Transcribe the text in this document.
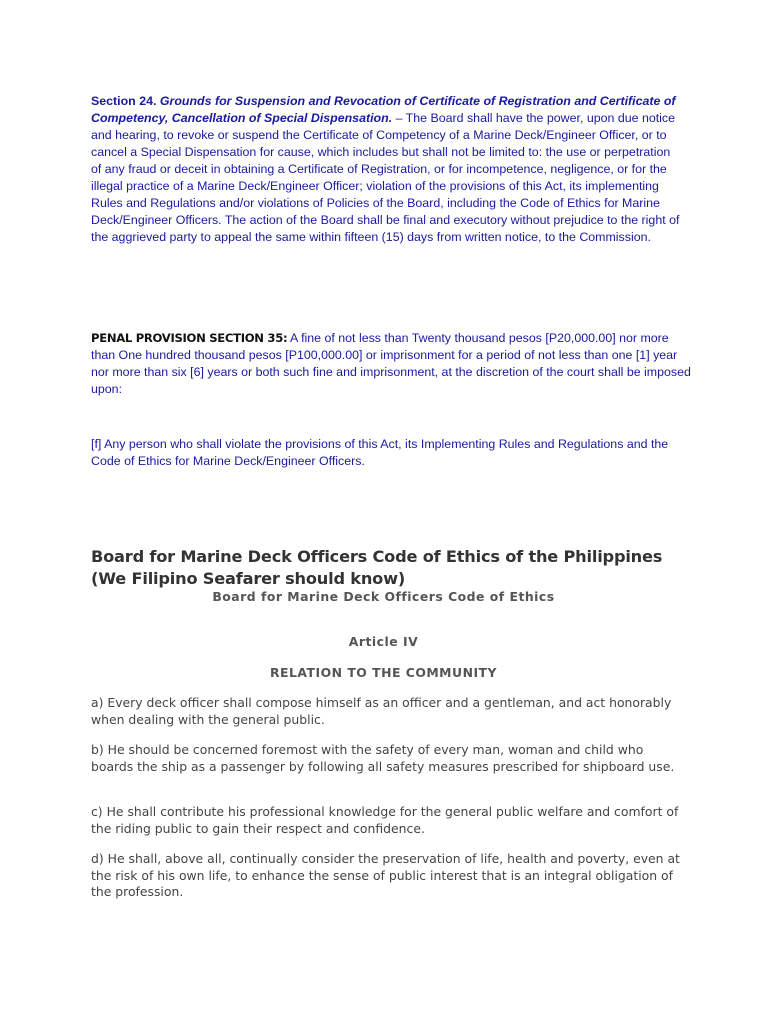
Section 24. Grounds for Suspension and Revocation of Certificate of Registration and Certificate of Competency, Cancellation of Special Dispensation. – The Board shall have the power, upon due notice and hearing, to revoke or suspend the Certificate of Competency of a Marine Deck/Engineer Officer, or to cancel a Special Dispensation for cause, which includes but shall not be limited to: the use or perpetration of any fraud or deceit in obtaining a Certificate of Registration, or for incompetence, negligence, or for the illegal practice of a Marine Deck/Engineer Officer; violation of the provisions of this Act, its implementing Rules and Regulations and/or violations of Policies of the Board, including the Code of Ethics for Marine Deck/Engineer Officers. The action of the Board shall be final and executory without prejudice to the right of the aggrieved party to appeal the same within fifteen (15) days from written notice, to the Commission.
PENAL PROVISION SECTION 35: A fine of not less than Twenty thousand pesos [P20,000.00] nor more than One hundred thousand pesos [P100,000.00] or imprisonment for a period of not less than one [1] year nor more than six [6] years or both such fine and imprisonment, at the discretion of the court shall be imposed upon:
[f] Any person who shall violate the provisions of this Act, its Implementing Rules and Regulations and the Code of Ethics for Marine Deck/Engineer Officers.
Board for Marine Deck Officers Code of Ethics of the Philippines (We Filipino Seafarer should know)
Board for Marine Deck Officers Code of Ethics
Article IV
RELATION TO THE COMMUNITY
a) Every deck officer shall compose himself as an officer and a gentleman, and act honorably when dealing with the general public.
b) He should be concerned foremost with the safety of every man, woman and child who boards the ship as a passenger by following all safety measures prescribed for shipboard use.
c) He shall contribute his professional knowledge for the general public welfare and comfort of the riding public to gain their respect and confidence.
d) He shall, above all, continually consider the preservation of life, health and poverty, even at the risk of his own life, to enhance the sense of public interest that is an integral obligation of the profession.
